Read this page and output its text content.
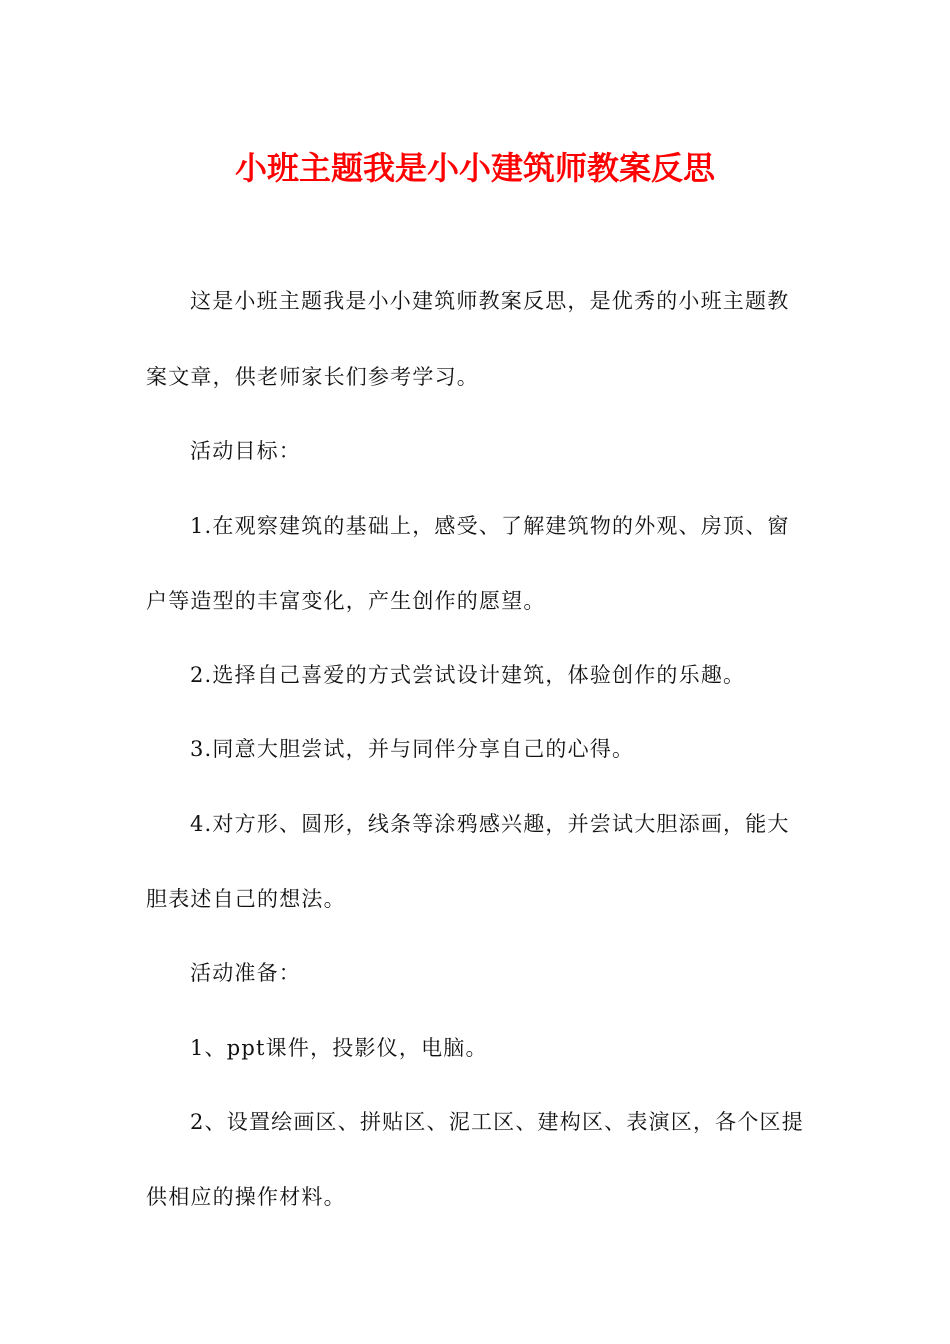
小班主题我是小小建筑师教案反思
这是小班主题我是小小建筑师教案反思，是优秀的小班主题教
案文章，供老师家长们参考学习。
活动目标：
1.在观察建筑的基础上，感受、了解建筑物的外观、房顶、窗
户等造型的丰富变化，产生创作的愿望。
2.选择自己喜爱的方式尝试设计建筑，体验创作的乐趣。
3.同意大胆尝试，并与同伴分享自己的心得。
4.对方形、圆形，线条等涂鸦感兴趣，并尝试大胆添画，能大
胆表述自己的想法。
活动准备：
1、ppt课件，投影仪，电脑。
2、设置绘画区、拼贴区、泥工区、建构区、表演区，各个区提
供相应的操作材料。
